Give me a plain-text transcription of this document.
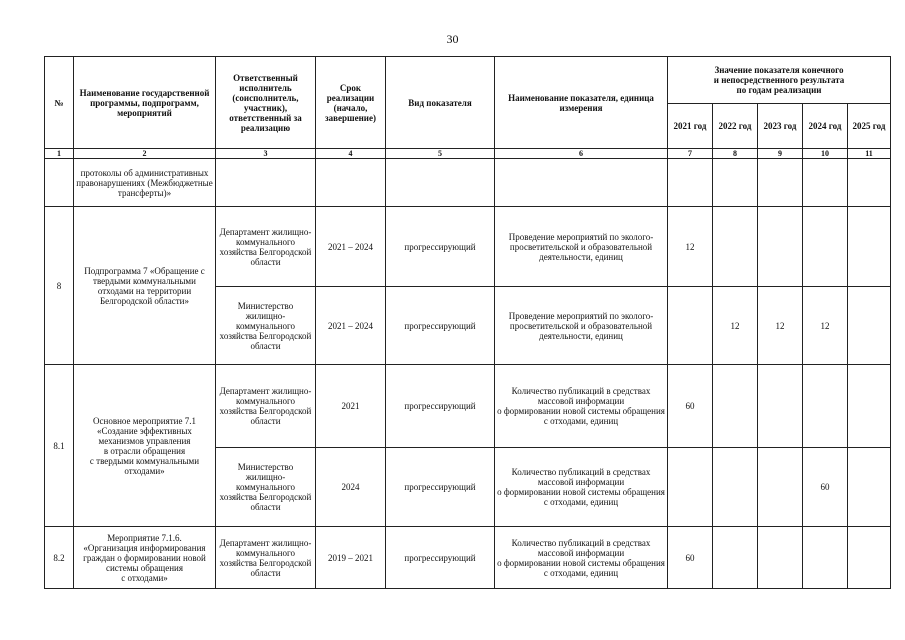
30
№	Наименование государственной программы, подпрограмм, мероприятий	Ответственный исполнитель (соисполнитель, участник), ответственный за реализацию	Срок реализации (начало, завершение)	Вид показателя	Наименование показателя, единица измерения	Значение показателя конечного
и непосредственного результата
по годам реализации				
						2021 год	2022 год	2023 год	2024 год	2025 год
1	2	3	4	5	6	7	8	9	10	11
	протоколы об административных правонарушениях (Межбюджетные трансферты)»									
8	Подпрограмма 7 «Обращение с твердыми коммунальными отходами на территории Белгородской области»	Департамент жилищно-коммунального хозяйства Белгородской области	2021 – 2024	прогрессирующий	Проведение мероприятий по эколого-просветительской и образовательной деятельности, единиц	12				
		Министерство жилищно-коммунального хозяйства Белгородской области	2021 – 2024	прогрессирующий	Проведение мероприятий по эколого-просветительской и образовательной деятельности, единиц		12	12	12	
8.1	Основное мероприятие 7.1
«Создание эффективных механизмов управления
в отрасли обращения
с твердыми коммунальными отходами»	Департамент жилищно-коммунального хозяйства Белгородской области	2021	прогрессирующий	Количество публикаций в средствах массовой информации
о формировании новой системы обращения с отходами, единиц	60				
		Министерство жилищно-коммунального хозяйства Белгородской области	2024	прогрессирующий	Количество публикаций в средствах массовой информации
о формировании новой системы обращения с отходами, единиц				60	
8.2	Мероприятие 7.1.6.
«Организация информирования граждан о формировании новой системы обращения
с отходами»	Департамент жилищно-коммунального хозяйства Белгородской области	2019 – 2021	прогрессирующий	Количество публикаций в средствах массовой информации
о формировании новой системы обращения с отходами, единиц	60				
